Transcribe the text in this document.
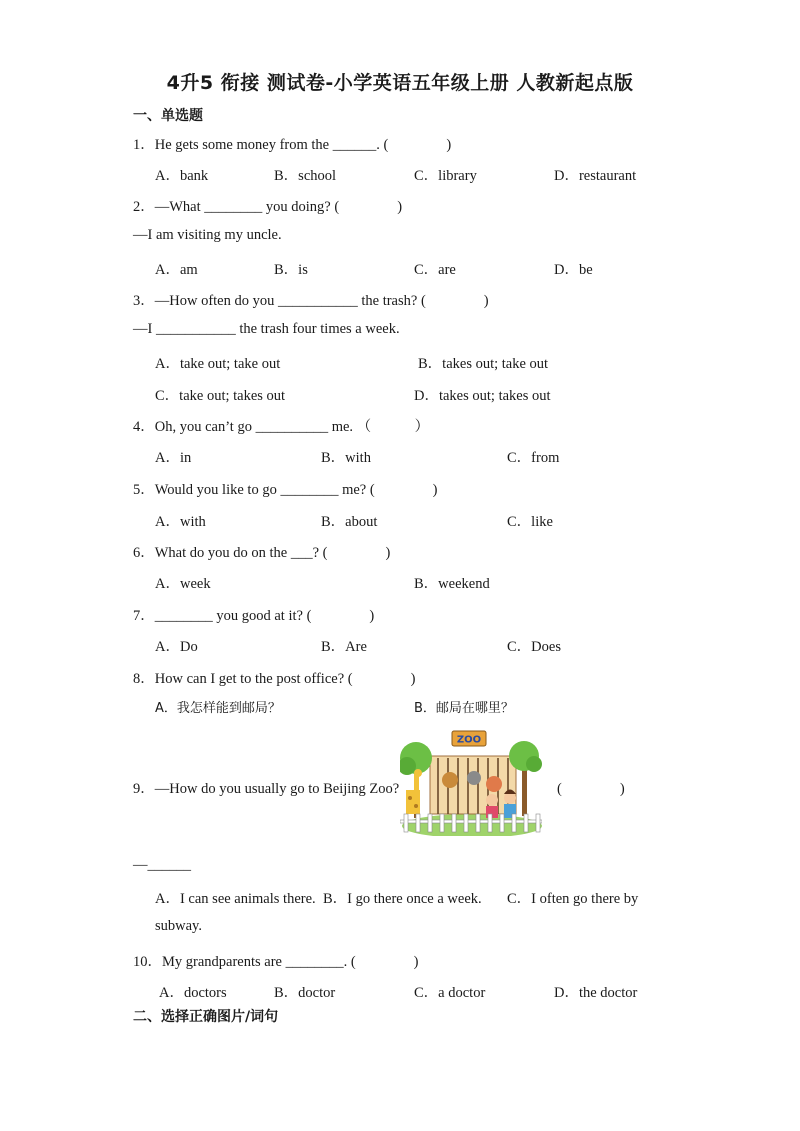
4升5 衔接 测试卷-小学英语五年级上册 人教新起点版
一、单选题
1．He gets some money from the ______. (　　　　)
A．bank	B．school	C．library	D．restaurant
2．—What ________ you doing? (　　　　)
—I am visiting my uncle.
A．am	B．is	C．are	D．be
3．—How often do you ___________ the trash? (　　　　)
—I ___________ the trash four times a week.
A．take out; take out	B．takes out; take out
C．take out; takes out	D．takes out; takes out
4．Oh, you can’t go __________ me. （　　　）
A．in	B．with	C．from
5．Would you like to go ________ me? (　　　　)
A．with	B．about	C．like
6．What do you do on the ___? (　　　　)
A．week	B．weekend
7．________ you good at it? (　　　　)
A．Do	B．Are	C．Does
8．How can I get to the post office? (　　　　)
A．我怎样能到邮局？	B．邮局在哪里？
9．—How do you usually go to Beijing Zoo?	(　　　　)
ZOO
—______
A．I can see animals there. B．I go there once a week. C．I often go there by
subway.
10．My grandparents are ________. (　　　　)
A．doctors	B．doctor	C．a doctor	D．the doctor
二、选择正确图片/词句
